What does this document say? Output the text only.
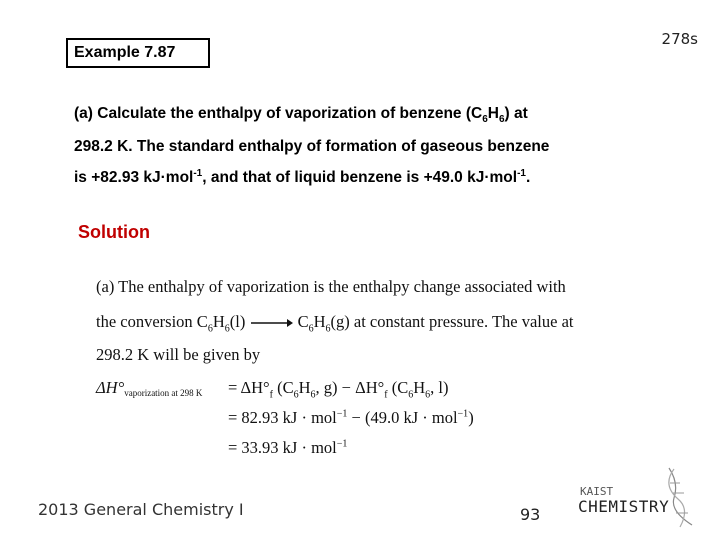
278s
Example 7.87
(a) Calculate the enthalpy of vaporization of benzene $(C_6H_6)$ at
298.2 K. The standard enthalpy of formation of gaseous benzene
is +82.93 kJ·mol$^{-1}$, and that of liquid benzene is +49.0 kJ·mol$^{-1}$.
Solution
(a) The enthalpy of vaporization is the enthalpy change associated with
the conversion $C_6H_6(l) \to C_6H_6(g)$ at constant pressure. The value at
298.2 K will be given by
ΔH°vaporization at 298 $K = \Delta H^\circ_f$ ($C_6H_6$, $g) - \Delta H^\circ_f$ ($C_6H_6$, l)
= 82.93 kJ · mol$^{-1}$ − (49.0 kJ · mol$^{-1}$)
= 33.93 kJ · mol$^{-1}$
2013 General Chemistry I	93
KAIST
CHEMISTRY
